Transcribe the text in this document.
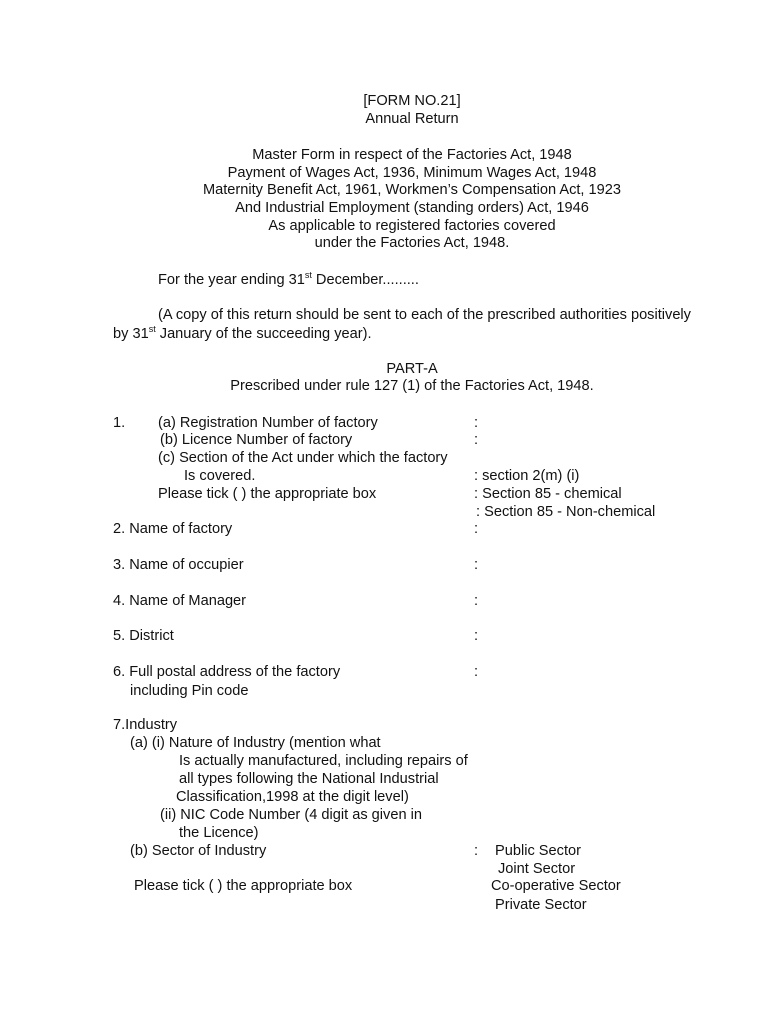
[FORM NO.21]
Annual Return
Master Form in respect of the Factories Act, 1948
Payment of Wages Act, 1936, Minimum Wages Act, 1948
Maternity Benefit Act, 1961, Workmen’s Compensation Act, 1923
And Industrial Employment (standing orders) Act, 1946
As applicable to registered factories covered
under the Factories Act, 1948.
For the year ending 31st December.........
(A copy of this return should be sent to each of the prescribed authorities positively
by 31st January of the succeeding year).
PART-A
Prescribed under rule 127 (1) of the Factories Act, 1948.
1. (a) Registration Number of factory	:
(b) Licence Number of factory	:
(c) Section of the Act under which the factory
Is covered.	: section 2(m) (i)
Please tick ( ) the appropriate box	: Section 85 - chemical
: Section 85 - Non-chemical
2. Name of factory	:
3. Name of occupier	:
4. Name of Manager	:
5. District	:
6. Full postal address of the factory	:
including Pin code
7.Industry
(a) (i) Nature of Industry (mention what
Is actually manufactured, including repairs of
all types following the National Industrial
Classification,1998 at the digit level)
(ii) NIC Code Number (4 digit as given in
the Licence)
(b) Sector of Industry	: Public Sector
Joint Sector
Please tick ( ) the appropriate box	Co-operative Sector
Private Sector
